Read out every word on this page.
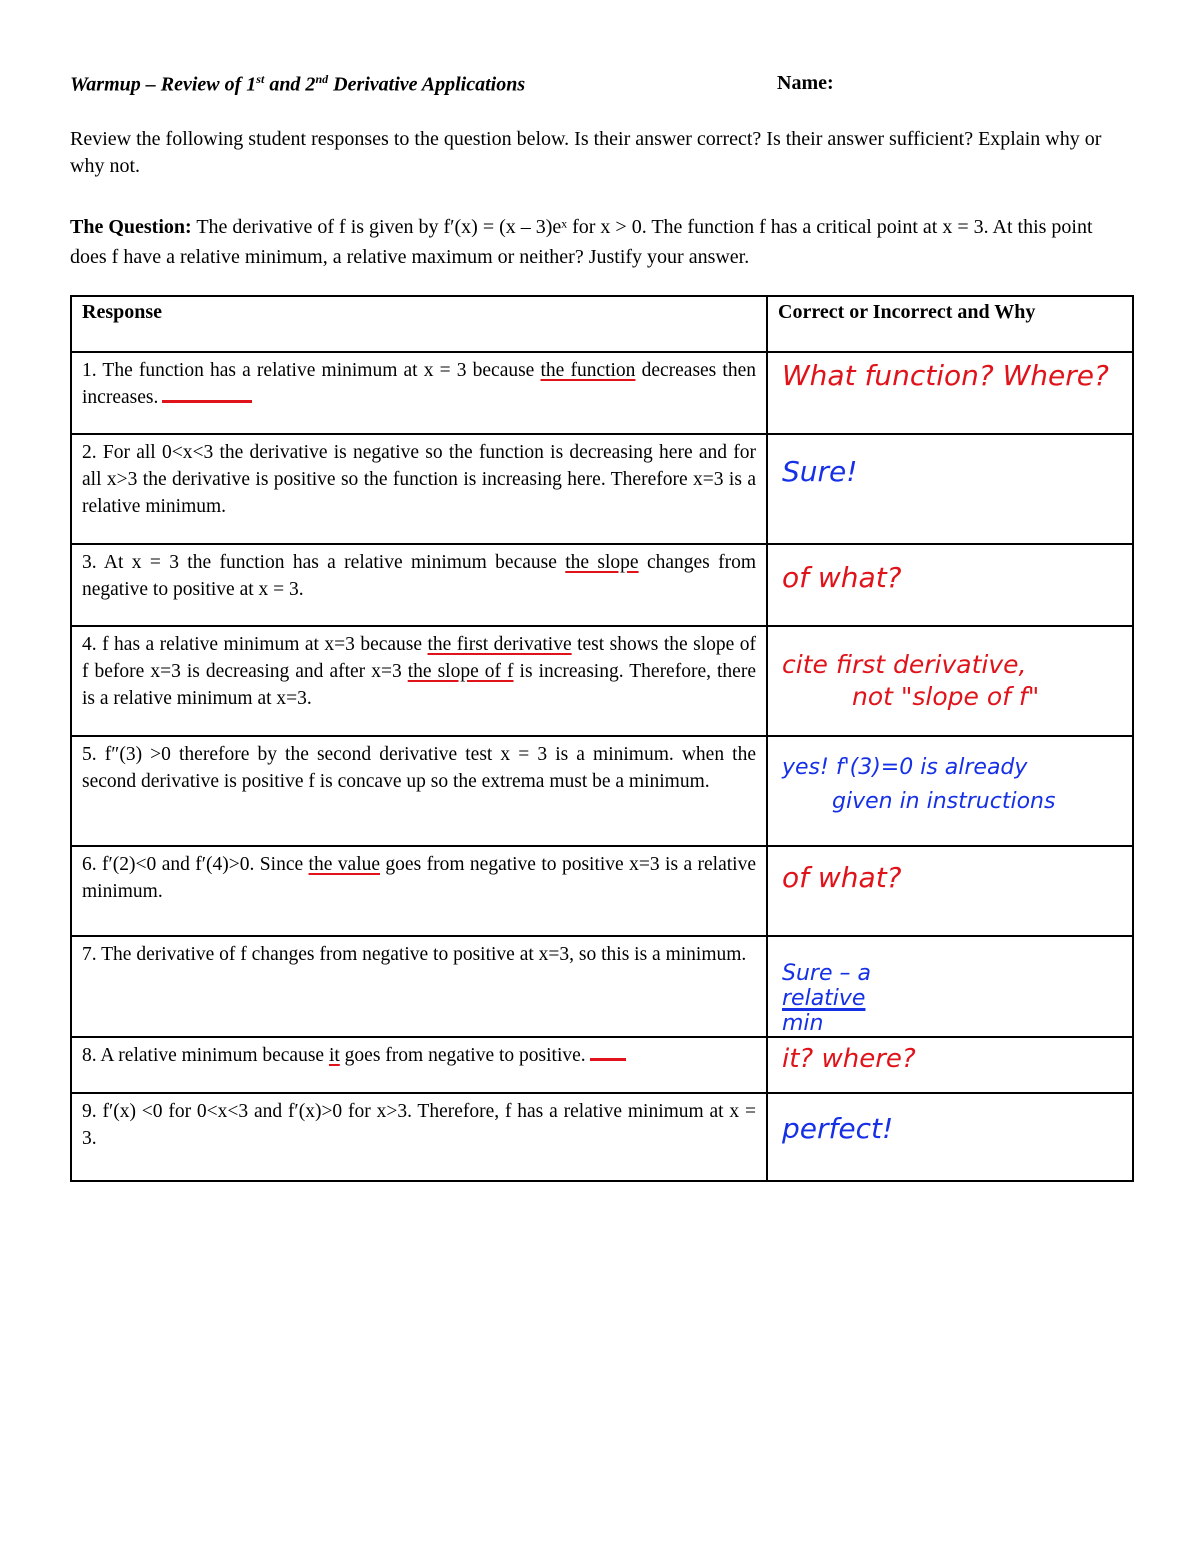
Warmup – Review of 1st and 2nd Derivative Applications	Name:
Review the following student responses to the question below. Is their answer correct? Is their answer sufficient? Explain why or why not.
The Question: The derivative of f is given by f′(x) = (x – 3)eˣ for x > 0. The function f has a critical point at x = 3. At this point does f have a relative minimum, a relative maximum or neither? Justify your answer.
Response	Correct or Incorrect and Why
1. The function has a relative minimum at x = 3 because the function decreases then increases.	What function? Where?

2. For all 0<x<3 the derivative is negative so the function is decreasing here and for all x>3 the derivative is positive so the function is increasing here. Therefore x=3 is a relative minimum.	Sure!

3. At x = 3 the function has a relative minimum because the slope changes from negative to positive at x = 3.	of what?

4. f has a relative minimum at x=3 because the first derivative test shows the slope of f before x=3 is decreasing and after x=3 the slope of f is increasing. Therefore, there is a relative minimum at x=3.	cite first derivative,
not "slope of f"

5. f″(3) >0 therefore by the second derivative test x = 3 is a minimum. when the second derivative is positive f is concave up so the extrema must be a minimum.	yes! f'(3)=0 is already
given in instructions

6. f′(2)<0 and f′(4)>0. Since the value goes from negative to positive x=3 is a relative minimum.	of what?

7. The derivative of f changes from negative to positive at x=3, so this is a minimum.	Sure – a
relative
min

8. A relative minimum because it goes from negative to positive.	it? where?

9. f′(x) <0 for 0<x<3 and f′(x)>0 for x>3. Therefore, f has a relative minimum at x = 3.	perfect!
